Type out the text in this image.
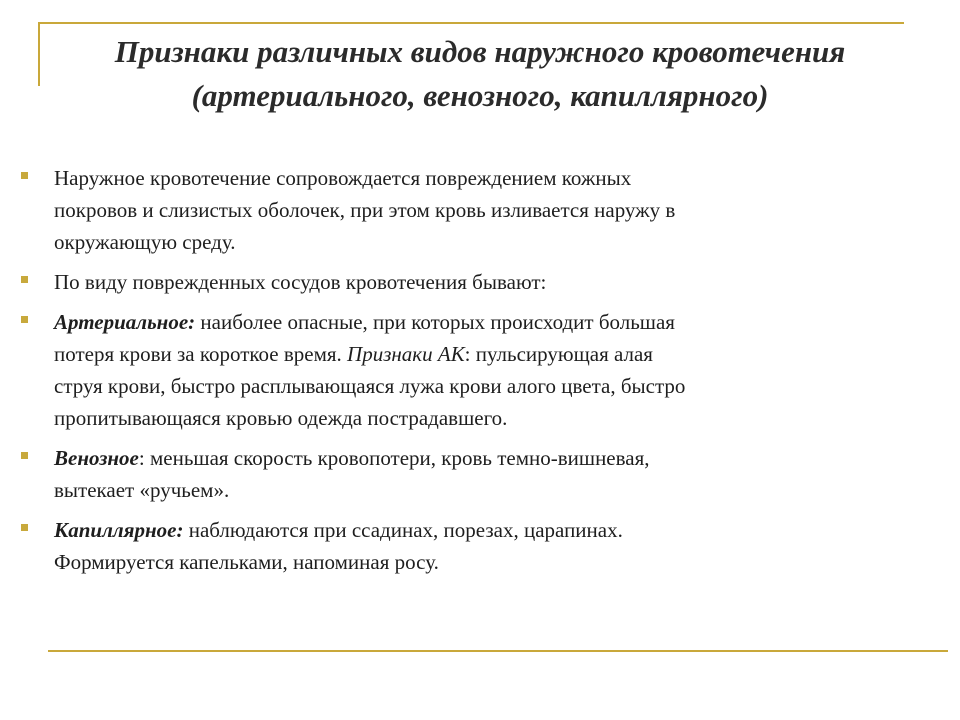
Признаки различных видов наружного кровотечения (артериального, венозного, капиллярного)
Наружное кровотечение сопровождается повреждением кожных покровов и слизистых оболочек, при этом кровь изливается наружу в окружающую среду.
По виду поврежденных сосудов кровотечения бывают:
Артериальное: наиболее опасные, при которых происходит большая потеря крови за короткое время. Признаки АК: пульсирующая алая струя крови, быстро расплывающаяся лужа крови алого цвета, быстро пропитывающаяся кровью одежда пострадавшего.
Венозное: меньшая скорость кровопотери, кровь темно-вишневая, вытекает «ручьем».
Капиллярное: наблюдаются при ссадинах, порезах, царапинах. Формируется капельками, напоминая росу.
